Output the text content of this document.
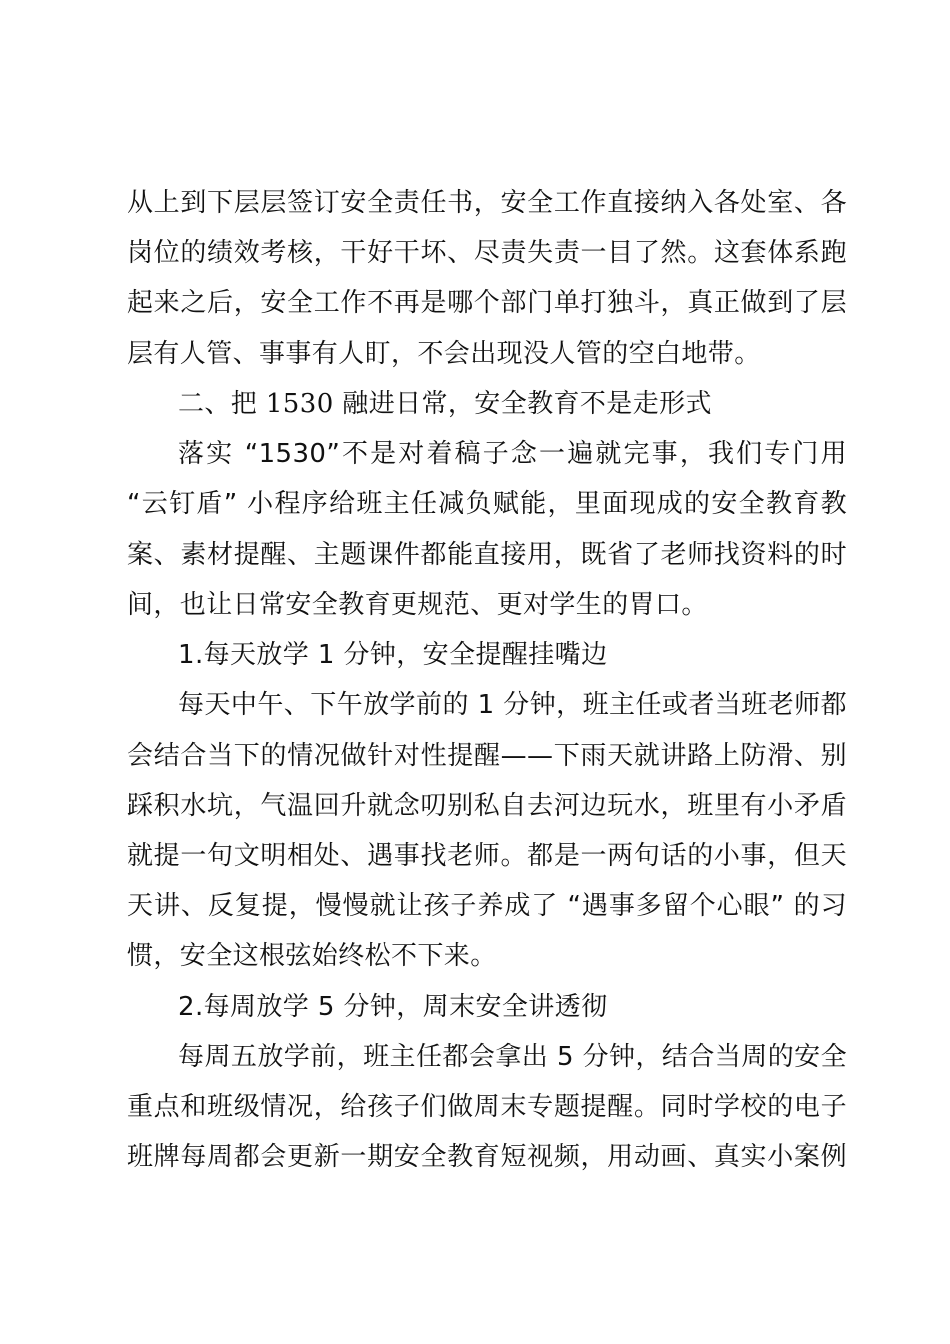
从上到下层层签订安全责任书，安全工作直接纳入各处室、各
岗位的绩效考核，干好干坏、尽责失责一目了然。这套体系跑
起来之后，安全工作不再是哪个部门单打独斗，真正做到了层
层有人管、事事有人盯，不会出现没人管的空白地带。
二、把 1530 融进日常，安全教育不是走形式
落实 “1530”不是对着稿子念一遍就完事，我们专门用
“云钉盾” 小程序给班主任减负赋能，里面现成的安全教育教
案、素材提醒、主题课件都能直接用，既省了老师找资料的时
间，也让日常安全教育更规范、更对学生的胃口。
1.每天放学 1 分钟，安全提醒挂嘴边
每天中午、下午放学前的 1 分钟，班主任或者当班老师都
会结合当下的情况做针对性提醒——下雨天就讲路上防滑、别
踩积水坑，气温回升就念叨别私自去河边玩水，班里有小矛盾
就提一句文明相处、遇事找老师。都是一两句话的小事，但天
天讲、反复提，慢慢就让孩子养成了 “遇事多留个心眼” 的习
惯，安全这根弦始终松不下来。
2.每周放学 5 分钟，周末安全讲透彻
每周五放学前，班主任都会拿出 5 分钟，结合当周的安全
重点和班级情况，给孩子们做周末专题提醒。同时学校的电子
班牌每周都会更新一期安全教育短视频，用动画、真实小案例
